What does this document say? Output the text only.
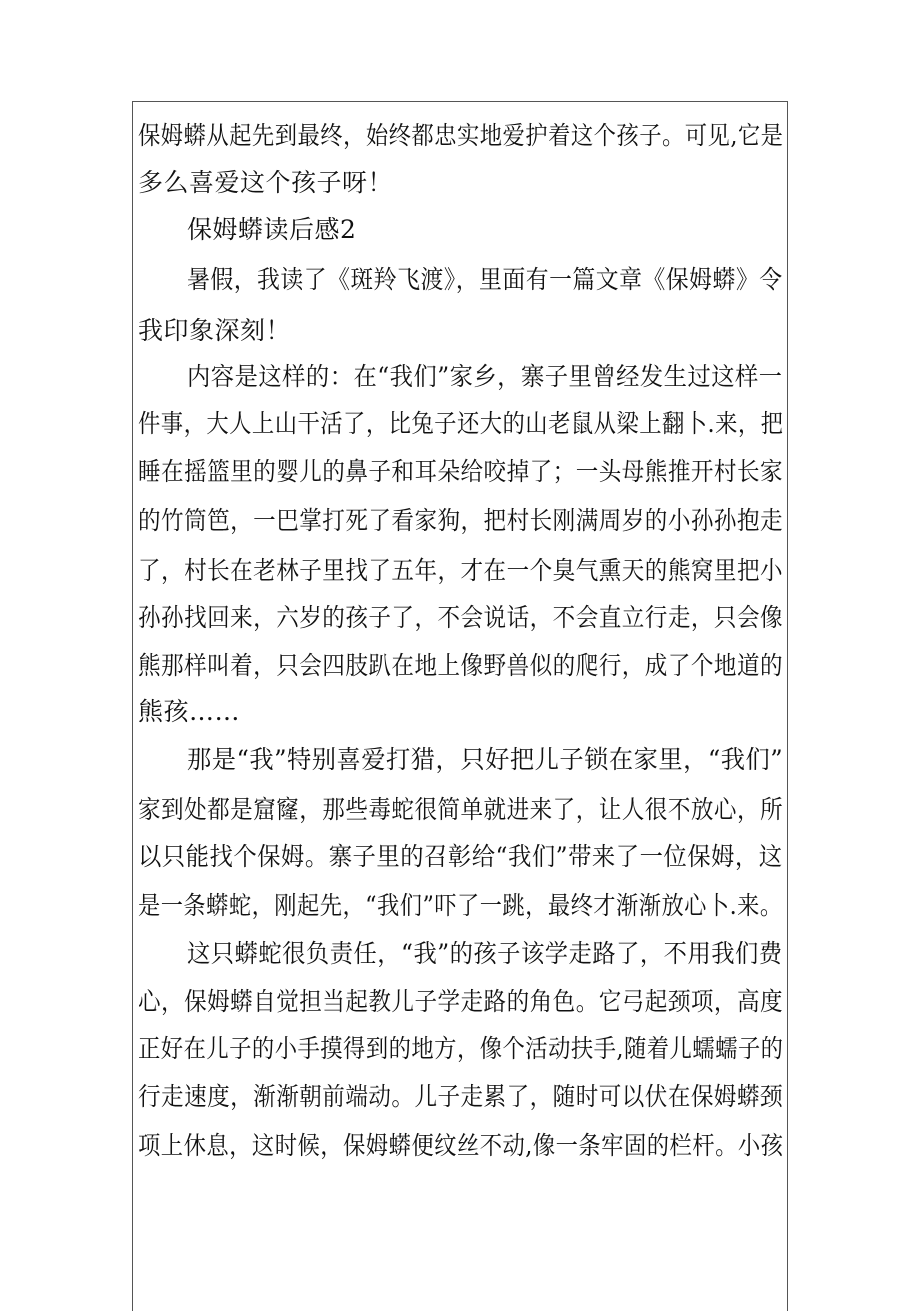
保姆蟒从起先到最终，始终都忠实地爱护着这个孩子。可见,它是
多么喜爱这个孩子呀！
保姆蟒读后感2
暑假，我读了《斑羚飞渡》，里面有一篇文章《保姆蟒》令
我印象深刻！
内容是这样的：在“我们”家乡，寨子里曾经发生过这样一
件事，大人上山干活了，比兔子还大的山老鼠从梁上翻卜.来，把
睡在摇篮里的婴儿的鼻子和耳朵给咬掉了；一头母熊推开村长家
的竹筒笆，一巴掌打死了看家狗，把村长刚满周岁的小孙孙抱走
了，村长在老林子里找了五年，才在一个臭气熏天的熊窝里把小
孙孙找回来，六岁的孩子了，不会说话，不会直立行走，只会像
熊那样叫着，只会四肢趴在地上像野兽似的爬行，成了个地道的
熊孩……
那是“我”特别喜爱打猎，只好把儿子锁在家里，“我们”
家到处都是窟窿，那些毒蛇很简单就进来了，让人很不放心，所
以只能找个保姆。寨子里的召彰给“我们”带来了一位保姆，这
是一条蟒蛇，刚起先，“我们”吓了一跳，最终才渐渐放心卜.来。
这只蟒蛇很负责任，“我”的孩子该学走路了，不用我们费
心，保姆蟒自觉担当起教儿子学走路的角色。它弓起颈项，高度
正好在儿子的小手摸得到的地方，像个活动扶手,随着儿蠕蠕子的
行走速度，渐渐朝前端动。儿子走累了，随时可以伏在保姆蟒颈
项上休息，这时候，保姆蟒便纹丝不动,像一条牢固的栏杆。小孩
